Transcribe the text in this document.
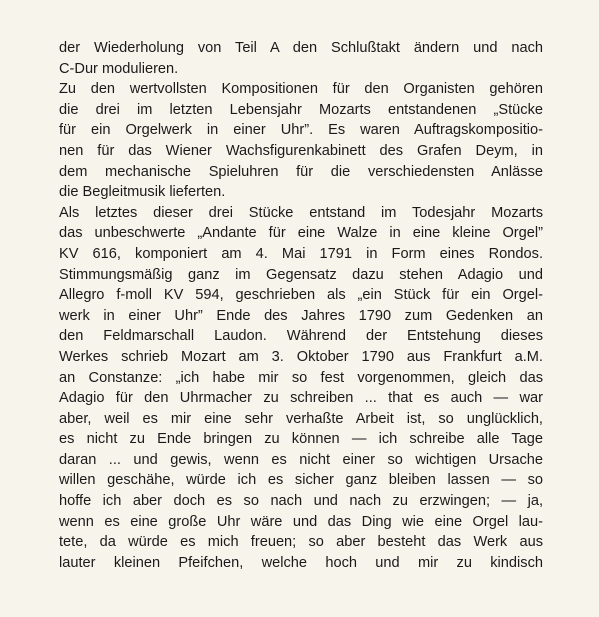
der Wiederholung von Teil A den Schlußtakt ändern und nach
C-Dur modulieren.
Zu den wertvollsten Kompositionen für den Organisten gehören
die drei im letzten Lebensjahr Mozarts entstandenen „Stücke
für ein Orgelwerk in einer Uhr”. Es waren Auftragskompositio-
nen für das Wiener Wachsfigurenkabinett des Grafen Deym, in
dem mechanische Spieluhren für die verschiedensten Anlässe
die Begleitmusik lieferten.
Als letztes dieser drei Stücke entstand im Todesjahr Mozarts
das unbeschwerte „Andante für eine Walze in eine kleine Orgel”
KV 616, komponiert am 4. Mai 1791 in Form eines Rondos.
Stimmungsmäßig ganz im Gegensatz dazu stehen Adagio und
Allegro f-moll KV 594, geschrieben als „ein Stück für ein Orgel-
werk in einer Uhr” Ende des Jahres 1790 zum Gedenken an
den Feldmarschall Laudon. Während der Entstehung dieses
Werkes schrieb Mozart am 3. Oktober 1790 aus Frankfurt a.M.
an Constanze: „ich habe mir so fest vorgenommen, gleich das
Adagio für den Uhrmacher zu schreiben ... that es auch — war
aber, weil es mir eine sehr verhaßte Arbeit ist, so unglücklich,
es nicht zu Ende bringen zu können — ich schreibe alle Tage
daran ... und gewis, wenn es nicht einer so wichtigen Ursache
willen geschähe, würde ich es sicher ganz bleiben lassen — so
hoffe ich aber doch es so nach und nach zu erzwingen; — ja,
wenn es eine große Uhr wäre und das Ding wie eine Orgel lau-
tete, da würde es mich freuen; so aber besteht das Werk aus
lauter kleinen Pfeifchen, welche hoch und mir zu kindisch
